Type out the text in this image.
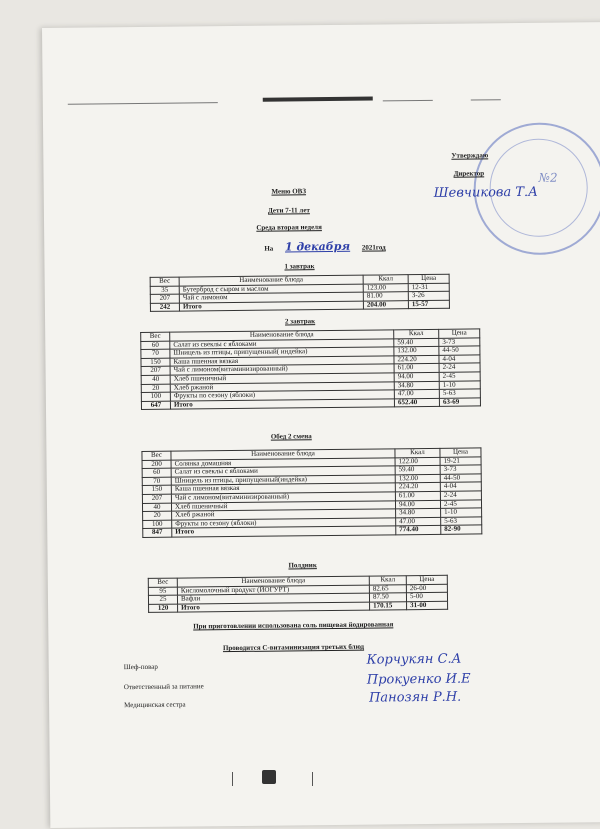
№2
Утверждаю
Директор
Шевчикова Т.А
Меню ОВЗ
Дети 7-11 лет
Среда вторая неделя
На 1 декабря 2021год
1 завтрак
Вес	Наименование блюда	Ккал	Цена
35	Бутерброд с сыром и маслом	123.00	12-31
207	Чай с лимоном	81.00	3-26
242	Итого	204.00	15-57
2 завтрак
Вес	Наименование блюда	Ккал	Цена
60	Салат из свеклы с яблоками	59.40	3-73
70	Шницель из птицы, припущенный( индейка)	132.00	44-50
150	Каша пшенная вязкая	224.20	4-04
207	Чай с лимоном(витаминизированный)	61.00	2-24
40	Хлеб пшеничный	94.00	2-45
20	Хлеб ржаной	34.80	1-10
100	Фрукты по сезону (яблоки)	47.00	5-63
647	Итого	652.40	63-69
Обед 2 смена
Вес	Наименование блюда	Ккал	Цена
200	Солянка домашняя	122.00	19-21
60	Салат из свеклы с яблоками	59.40	3-73
70	Шницель из птицы, припущенный(индейка)	132.00	44-50
150	Каша пшенная вязкая	224.20	4-04
207	Чай с лимоном(витаминизированный)	61.00	2-24
40	Хлеб пшеничный	94.00	2-45
20	Хлеб ржаной	34.80	1-10
100	Фрукты по сезону (яблоки)	47.00	5-63
847	Итого	774.40	82-90
Полдник
Вес	Наименование блюда	Ккал	Цена
95	Кисломолочный продукт (ЙОГУРТ)	82.65	26-00
25	Вафли	87.50	5-00
120	Итого	170.15	31-00
При приготовлении использована соль пищевая йодированная
Проводится С-витаминизация третьих блюд
Шеф-повар	Корчукян С.А
Ответственный за питание	Прокуенко И.Е
Медицинская сестра	Панозян Р.Н.
